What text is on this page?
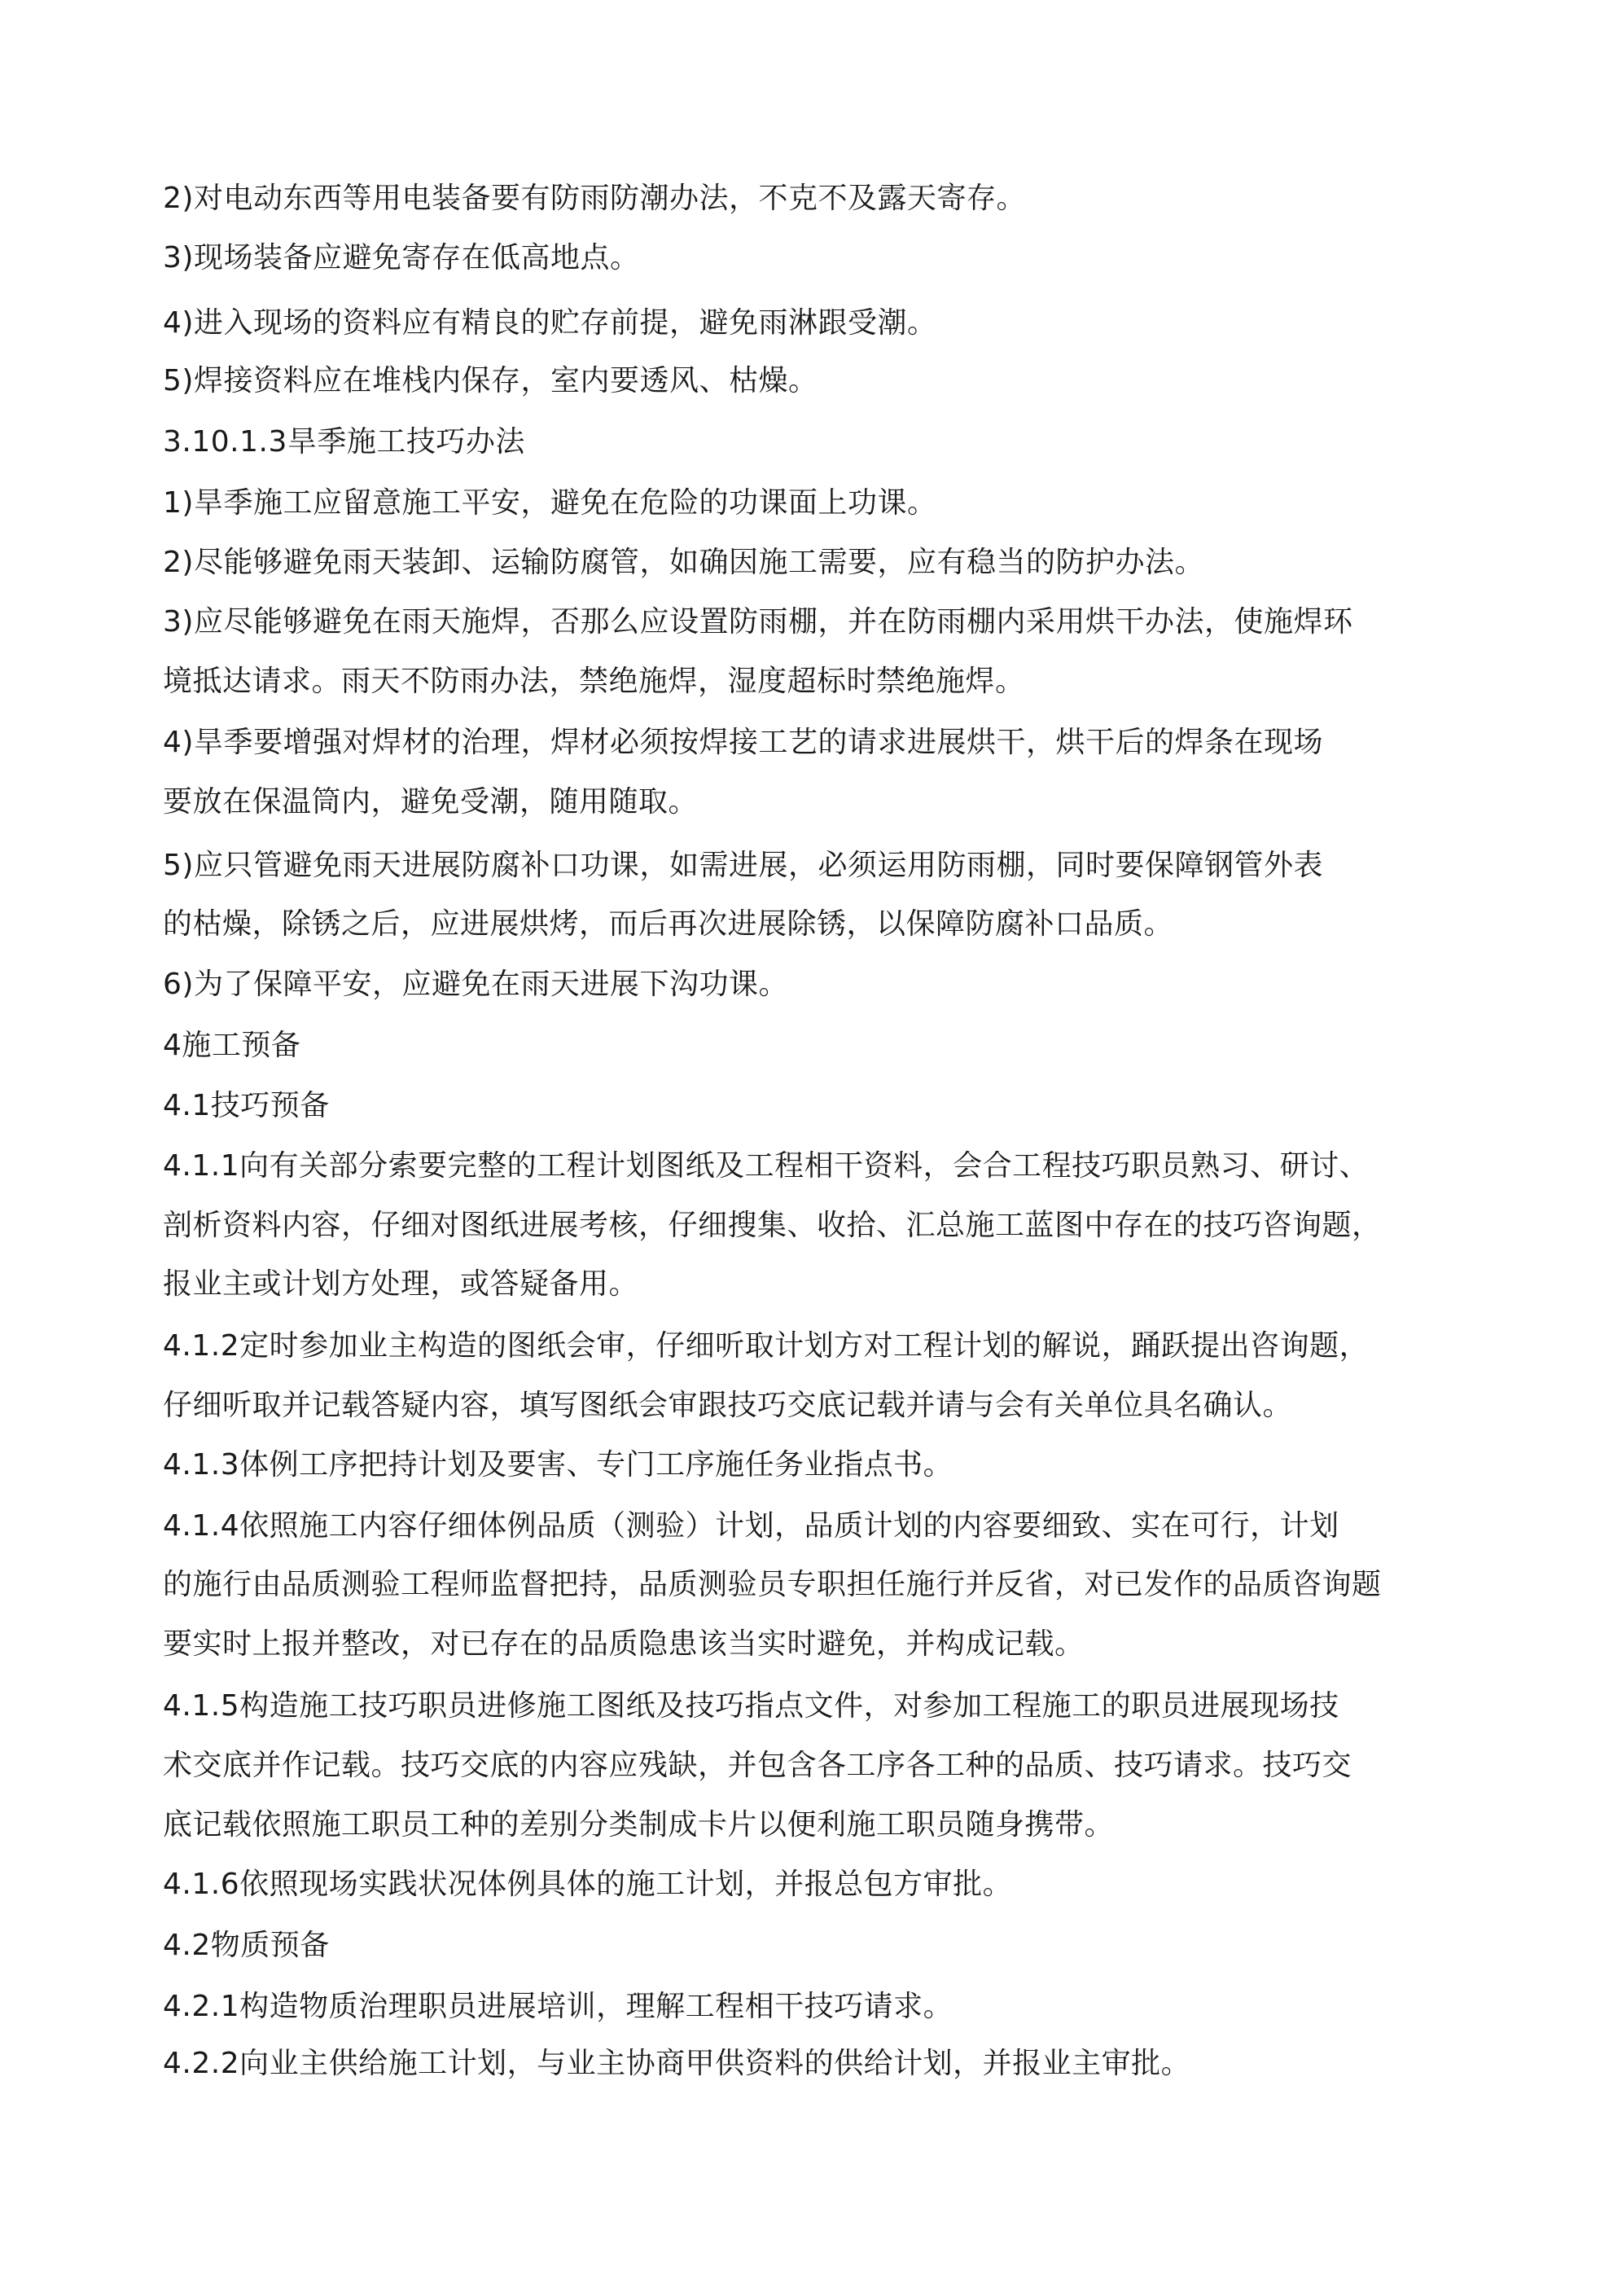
2)对电动东西等用电装备要有防雨防潮办法，不克不及露天寄存。
3)现场装备应避免寄存在低高地点。
4)进入现场的资料应有精良的贮存前提，避免雨淋跟受潮。
5)焊接资料应在堆栈内保存，室内要透风、枯燥。
3.10.1.3旱季施工技巧办法
1)旱季施工应留意施工平安，避免在危险的功课面上功课。
2)尽能够避免雨天装卸、运输防腐管，如确因施工需要，应有稳当的防护办法。
3)应尽能够避免在雨天施焊，否那么应设置防雨棚，并在防雨棚内采用烘干办法，使施焊环
境抵达请求。雨天不防雨办法，禁绝施焊，湿度超标时禁绝施焊。
4)旱季要增强对焊材的治理，焊材必须按焊接工艺的请求进展烘干，烘干后的焊条在现场
要放在保温筒内，避免受潮，随用随取。
5)应只管避免雨天进展防腐补口功课，如需进展，必须运用防雨棚，同时要保障钢管外表
的枯燥，除锈之后，应进展烘烤，而后再次进展除锈，以保障防腐补口品质。
6)为了保障平安，应避免在雨天进展下沟功课。
4施工预备
4.1技巧预备
4.1.1向有关部分索要完整的工程计划图纸及工程相干资料，会合工程技巧职员熟习、研讨、
剖析资料内容，仔细对图纸进展考核，仔细搜集、收拾、汇总施工蓝图中存在的技巧咨询题，
报业主或计划方处理，或答疑备用。
4.1.2定时参加业主构造的图纸会审，仔细听取计划方对工程计划的解说，踊跃提出咨询题，
仔细听取并记载答疑内容，填写图纸会审跟技巧交底记载并请与会有关单位具名确认。
4.1.3体例工序把持计划及要害、专门工序施任务业指点书。
4.1.4依照施工内容仔细体例品质（测验）计划，品质计划的内容要细致、实在可行，计划
的施行由品质测验工程师监督把持，品质测验员专职担任施行并反省，对已发作的品质咨询题
要实时上报并整改，对已存在的品质隐患该当实时避免，并构成记载。
4.1.5构造施工技巧职员进修施工图纸及技巧指点文件，对参加工程施工的职员进展现场技
术交底并作记载。技巧交底的内容应残缺，并包含各工序各工种的品质、技巧请求。技巧交
底记载依照施工职员工种的差别分类制成卡片以便利施工职员随身携带。
4.1.6依照现场实践状况体例具体的施工计划，并报总包方审批。
4.2物质预备
4.2.1构造物质治理职员进展培训，理解工程相干技巧请求。
4.2.2向业主供给施工计划，与业主协商甲供资料的供给计划，并报业主审批。
